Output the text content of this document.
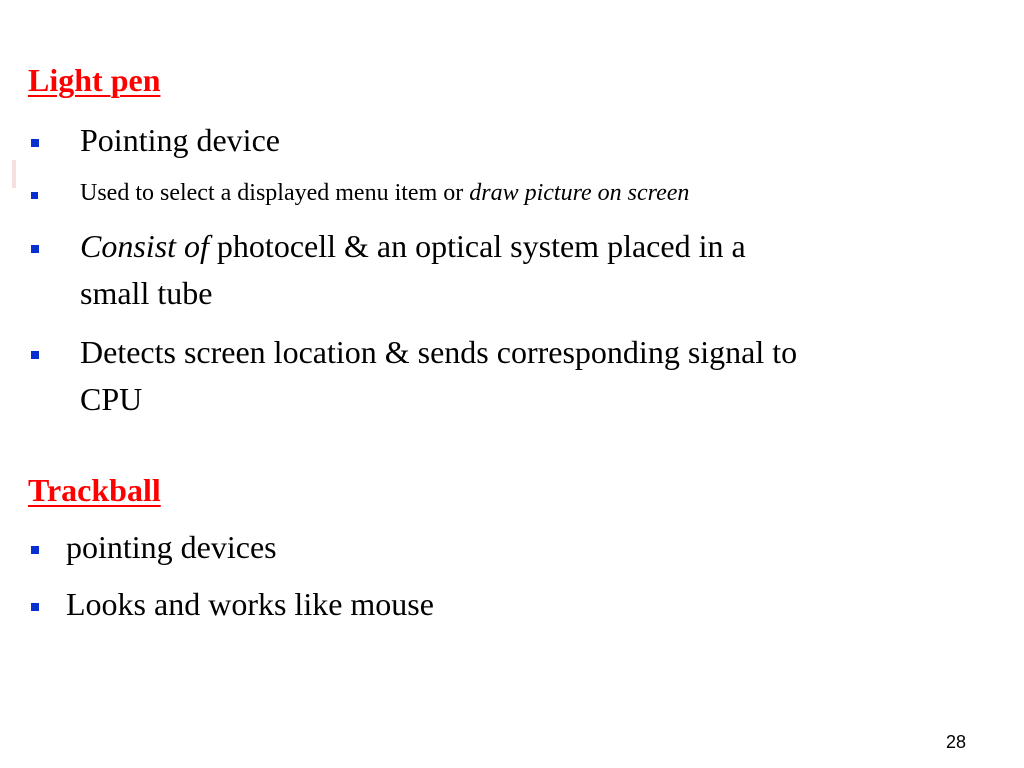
Light pen
Pointing device
Used to select a displayed menu item or draw picture on screen
Consist of photocell & an optical system placed in a
small tube
Detects screen location & sends corresponding signal to
CPU
Trackball
pointing devices
Looks and works like mouse
28
